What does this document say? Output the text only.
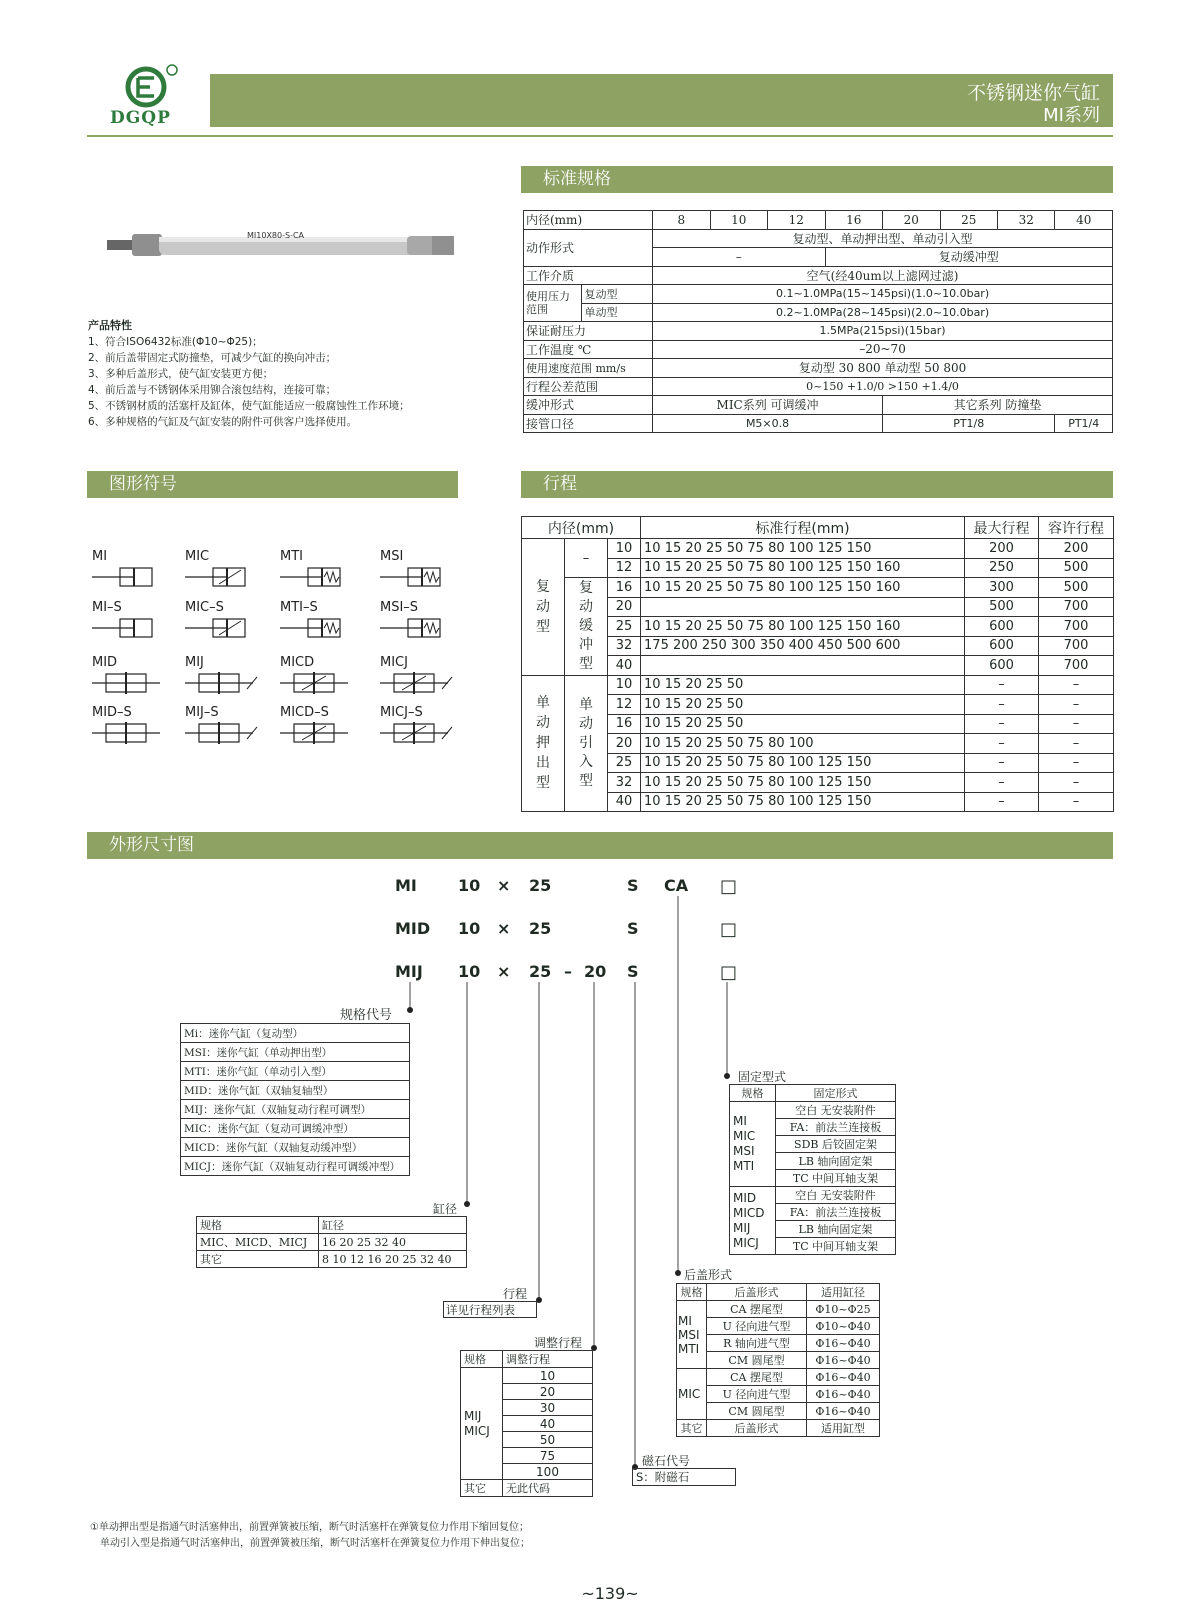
DGQP
不锈钢迷你气缸
MI系列
MI10X80-S-CA

产品特性

1、符合ISO6432标准(Φ10~Φ25)；

2、前后盖带固定式防撞垫，可减少气缸的换向冲击；

3、多种后盖形式，使气缸安装更方便；

4、前后盖与不锈钢体采用铆合滚包结构，连接可靠；

5、不锈钢材质的活塞杆及缸体，使气缸能适应一般腐蚀性工作环境；

6、多种规格的气缸及气缸安装的附件可供客户选择使用。

标准规格
内径(mm)		8	10	12	16	20	25	32	40
动作形式		复动型、单动押出型、单动引入型							
		–			复动缓冲型				
工作介质		空气(经40um以上滤网过滤)							
使用压力范围	复动型	0.1~1.0MPa(15~145psi)(1.0~10.0bar)							
	单动型	0.2~1.0MPa(28~145psi)(2.0~10.0bar)							
保证耐压力		1.5MPa(215psi)(15bar)							
工作温度 ℃		–20~70							
使用速度范围 mm/s		复动型 30 800 单动型 50 800							
行程公差范围		0~150 +1.0/0 >150 +1.4/0							
缓冲形式		MIC系列 可调缓冲				其它系列 防撞垫			
接管口径		M5×0.8				PT1/8			PT1/4
图形符号
MI	MIC	MTI	MSI
MI–S	MIC–S	MTI–S	MSI–S
MID	MIJ	MICD	MICJ
MID–S	MIJ–S	MICD–S	MICJ–S
行程
内径(mm)			标准行程(mm)	最大行程	容许行程
复动型	–	10	10 15 20 25 50 75 80 100 125 150	200	200
		12	10 15 20 25 50 75 80 100 125 150 160	250	500
	复动缓冲型	16	10 15 20 25 50 75 80 100 125 150 160	300	500
		20		500	700
		25	10 15 20 25 50 75 80 100 125 150 160	600	700
		32	175 200 250 300 350 400 450 500 600	600	700
		40		600	700
单动押出型	单动引入型	10	10 15 20 25 50	–	–
		12	10 15 20 25 50	–	–
		16	10 15 20 25 50	–	–
		20	10 15 20 25 50 75 80 100	–	–
		25	10 15 20 25 50 75 80 100 125 150	–	–
		32	10 15 20 25 50 75 80 100 125 150	–	–
		40	10 15 20 25 50 75 80 100 125 150	–	–
外形尺寸图
MI	10 × 25	S CA □
MID 10 × 25	S	□
MIJ 10 × 25 – 20 S	□
规格代号
Mi：迷你气缸（复动型）
MSI：迷你气缸（单动押出型）
MTI：迷你气缸（单动引入型）
MID：迷你气缸（双轴复轴型）
MIJ：迷你气缸（双轴复动行程可调型）
MIC：迷你气缸（复动可调缓冲型）
MICD：迷你气缸（双轴复动缓冲型）
MICJ：迷你气缸（双轴复动行程可调缓冲型）
缸径
规格	缸径
MIC、MICD、MICJ	16 20 25 32 40
其它	8 10 12 16 20 25 32 40
行程
详见行程列表
调整行程
规格	调整行程
MIJ MICJ	10
	20
	30
	40
	50
	75
	100
其它	无此代码
磁石代号
S：附磁石
固定型式
规格	固定形式
MI MIC MSI MTI	空白 无安装附件
	FA：前法兰连接板
	SDB 后铰固定架
	LB 轴向固定架
	TC 中间耳轴支架
MID MICD MIJ MICJ	空白 无安装附件
	FA：前法兰连接板
	LB 轴向固定架
	TC 中间耳轴支架
后盖形式
规格	后盖形式	适用缸径
MI MSI MTI	CA 摆尾型	Φ10~Φ25
	U 径向进气型	Φ10~Φ40
	R 轴向进气型	Φ16~Φ40
	CM 圆尾型	Φ16~Φ40
MIC	CA 摆尾型	Φ16~Φ40
	U 径向进气型	Φ16~Φ40
	CM 圆尾型	Φ16~Φ40
其它	后盖形式	适用缸型
①单动押出型是指通气时活塞伸出，前置弹簧被压缩，断气时活塞杆在弹簧复位力作用下缩回复位；
单动引入型是指通气时活塞伸出，前置弹簧被压缩，断气时活塞杆在弹簧复位力作用下伸出复位；
~139~
